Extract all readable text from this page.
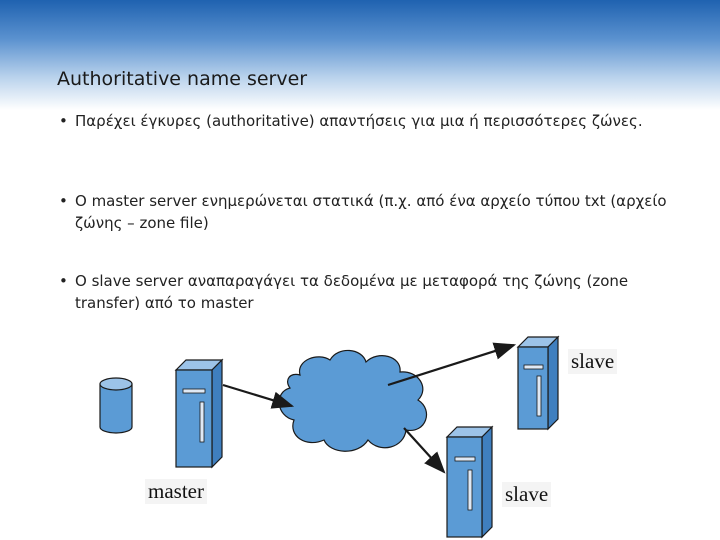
Authoritative name server
• Παρέχει έγκυρες (authoritative) απαντήσεις για μια ή περισσότερες ζώνες.
• Ο master server ενημερώνεται στατικά (π.χ. από ένα αρχείο τύπου txt (αρχείο ζώνης – zone file)
• Ο slave server αναπαραγάγει τα δεδομένα με μεταφορά της ζώνης (zone transfer) από το master
master
slave
slave
